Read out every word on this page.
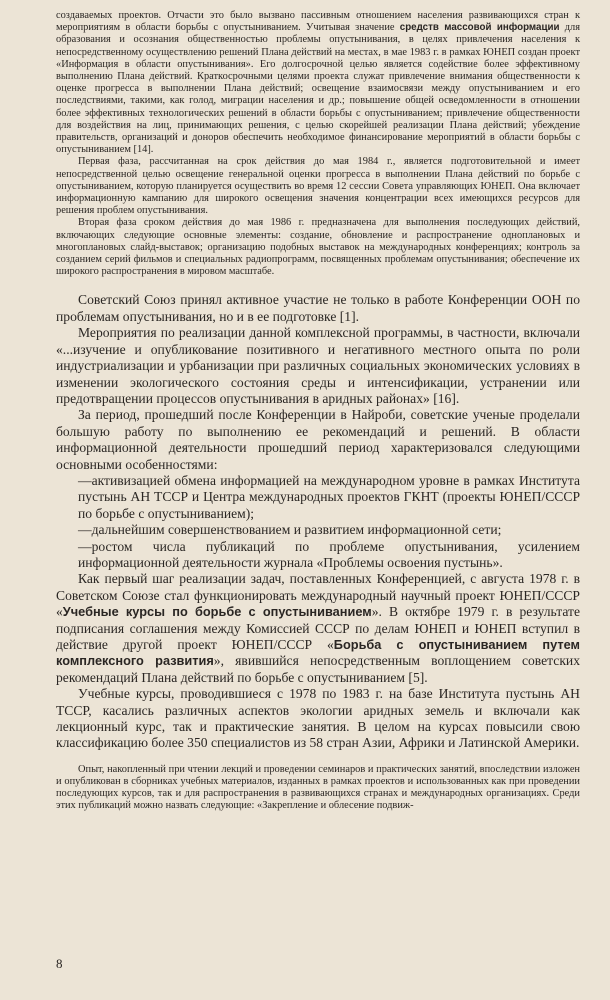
создаваемых проектов. Отчасти это было вызвано пассивным отношением населения развивающихся стран к мероприятиям в области борьбы с опустыниванием. Учитывая значение средств массовой информации для образования и осознания общественностью проблемы опустынивания, в целях привлечения населения к непосредственному осуществлению решений Плана действий на местах, в мае 1983 г. в рамках ЮНЕП создан проект «Информация в области опустынивания». Его долгосрочной целью является содействие более эффективному выполнению Плана действий. Краткосрочными целями проекта служат привлечение внимания общественности к оценке прогресса в выполнении Плана действий; освещение взаимосвязи между опустыниванием и его последствиями, такими, как голод, миграции населения и др.; повышение общей осведомленности в отношении более эффективных технологических решений в области борьбы с опустыниванием; привлечение общественности для воздействия на лиц, принимающих решения, с целью скорейшей реализации Плана действий; убеждение правительств, организаций и доноров обеспечить необходимое финансирование мероприятий в области борьбы с опустыниванием [14].

Первая фаза, рассчитанная на срок действия до мая 1984 г., является подготовительной и имеет непосредственной целью освещение генеральной оценки прогресса в выполнении Плана действий по борьбе с опустыниванием, которую планируется осуществить во время 12 сессии Совета управляющих ЮНЕП. Она включает информационную кампанию для широкого освещения значения концентрации всех имеющихся ресурсов для решения проблем опустынивания.

Вторая фаза сроком действия до мая 1986 г. предназначена для выполнения последующих действий, включающих следующие основные элементы: создание, обновление и распространение одноплановых и многоплановых слайд-выставок; организацию подобных выставок на международных конференциях; контроль за созданием серий фильмов и специальных радиопрограмм, посвященных проблемам опустынивания; обеспечение их широкого распространения в мировом масштабе.

Советский Союз принял активное участие не только в работе Конференции ООН по проблемам опустынивания, но и в ее подготовке [1].

Мероприятия по реализации данной комплексной программы, в частности, включали «...изучение и опубликование позитивного и негативного местного опыта по роли индустриализации и урбанизации при различных социальных экономических условиях в изменении экологического состояния среды и интенсификации, устранении или предотвращении процессов опустынивания в аридных районах» [16].

За период, прошедший после Конференции в Найроби, советские ученые проделали большую работу по выполнению ее рекомендаций и решений. В области информационной деятельности прошедший период характеризовался следующими основными особенностями:

—активизацией обмена информацией на международном уровне в рамках Института пустынь АН ТССР и Центра международных проектов ГКНТ (проекты ЮНЕП/СССР по борьбе с опустыниванием);

—дальнейшим совершенствованием и развитием информационной сети;

—ростом числа публикаций по проблеме опустынивания, усилением информационной деятельности журнала «Проблемы освоения пустынь».

Как первый шаг реализации задач, поставленных Конференцией, с августа 1978 г. в Советском Союзе стал функционировать международный научный проект ЮНЕП/СССР «Учебные курсы по борьбе с опустыниванием». В октябре 1979 г. в результате подписания соглашения между Комиссией СССР по делам ЮНЕП и ЮНЕП вступил в действие другой проект ЮНЕП/СССР «Борьба с опустыниванием путем комплексного развития», явившийся непосредственным воплощением советских рекомендаций Плана действий по борьбе с опустыниванием [5].

Учебные курсы, проводившиеся с 1978 по 1983 г. на базе Института пустынь АН ТССР, касались различных аспектов экологии аридных земель и включали как лекционный курс, так и практические занятия. В целом на курсах повысили свою классификацию более 350 специалистов из 58 стран Азии, Африки и Латинской Америки.

Опыт, накопленный при чтении лекций и проведении семинаров и практических занятий, впоследствии изложен и опубликован в сборниках учебных материалов, изданных в рамках проектов и использованных как при проведении последующих курсов, так и для распространения в развивающихся странах и международных организациях. Среди этих публикаций можно назвать следующие: «Закрепление и облесение подвиж-

8
